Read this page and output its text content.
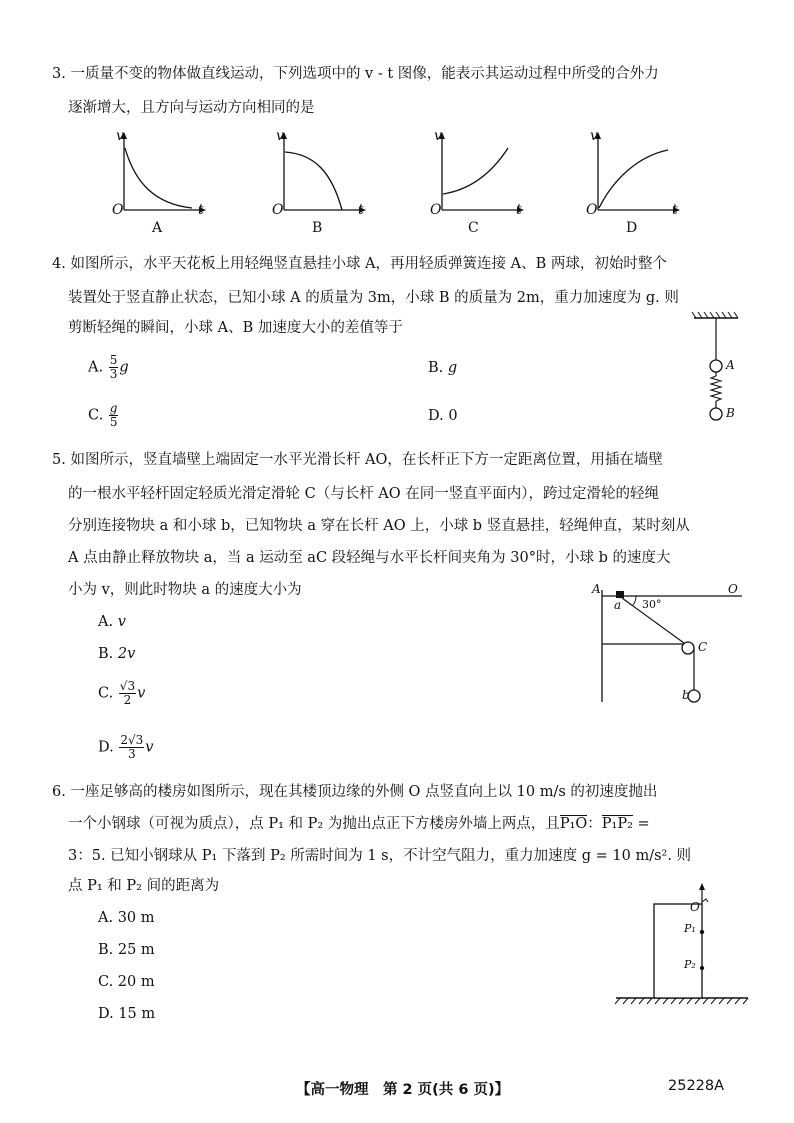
3. 一质量不变的物体做直线运动，下列选项中的 v - t 图像，能表示其运动过程中所受的合外力
逐渐增大，且方向与运动方向相同的是
v
O	t
A
v
O	t
B
v
O	t
C
v
O	t
D
4. 如图所示，水平天花板上用轻绳竖直悬挂小球 A，再用轻质弹簧连接 A、B 两球，初始时整个
装置处于竖直静止状态，已知小球 A 的质量为 3m，小球 B 的质量为 2m，重力加速度为 g. 则
剪断轻绳的瞬间，小球 A、B 加速度大小的差值等于
A. $\frac{5}{3}$ g	B. g
C. $\frac{g}{5}$	D. 0
A
B
5. 如图所示，竖直墙壁上端固定一水平光滑长杆 AO，在长杆正下方一定距离位置，用插在墙壁
的一根水平轻杆固定轻质光滑定滑轮 C（与长杆 AO 在同一竖直平面内），跨过定滑轮的轻绳
分别连接物块 a 和小球 b，已知物块 a 穿在长杆 AO 上，小球 b 竖直悬挂，轻绳伸直，某时刻从
A 点由静止释放物块 a，当 a 运动至 aC 段轻绳与水平长杆间夹角为 30°时，小球 b 的速度大
小为 v，则此时物块 a 的速度大小为
A. v
B. 2v
C. $\frac{√3}{2}$ v
D. $\frac{2√3}{3}$ v
A	O
a 30°
C
b
6. 一座足够高的楼房如图所示，现在其楼顶边缘的外侧 O 点竖直向上以 10 m/s 的初速度抛出
一个小钢球（可视为质点），点 P₁ 和 P₂ 为抛出点正下方楼房外墙上两点，且P₁O：P₁P₂ =
3：5. 已知小钢球从 P₁ 下落到 P₂ 所需时间为 1 s，不计空气阻力，重力加速度 g = 10 m/s². 则
点 P₁ 和 P₂ 间的距离为
A. 30 m
B. 25 m
C. 20 m
D. 15 m
O
P₁
P₂
【高一物理　第 2 页(共 6 页)】	25228A
